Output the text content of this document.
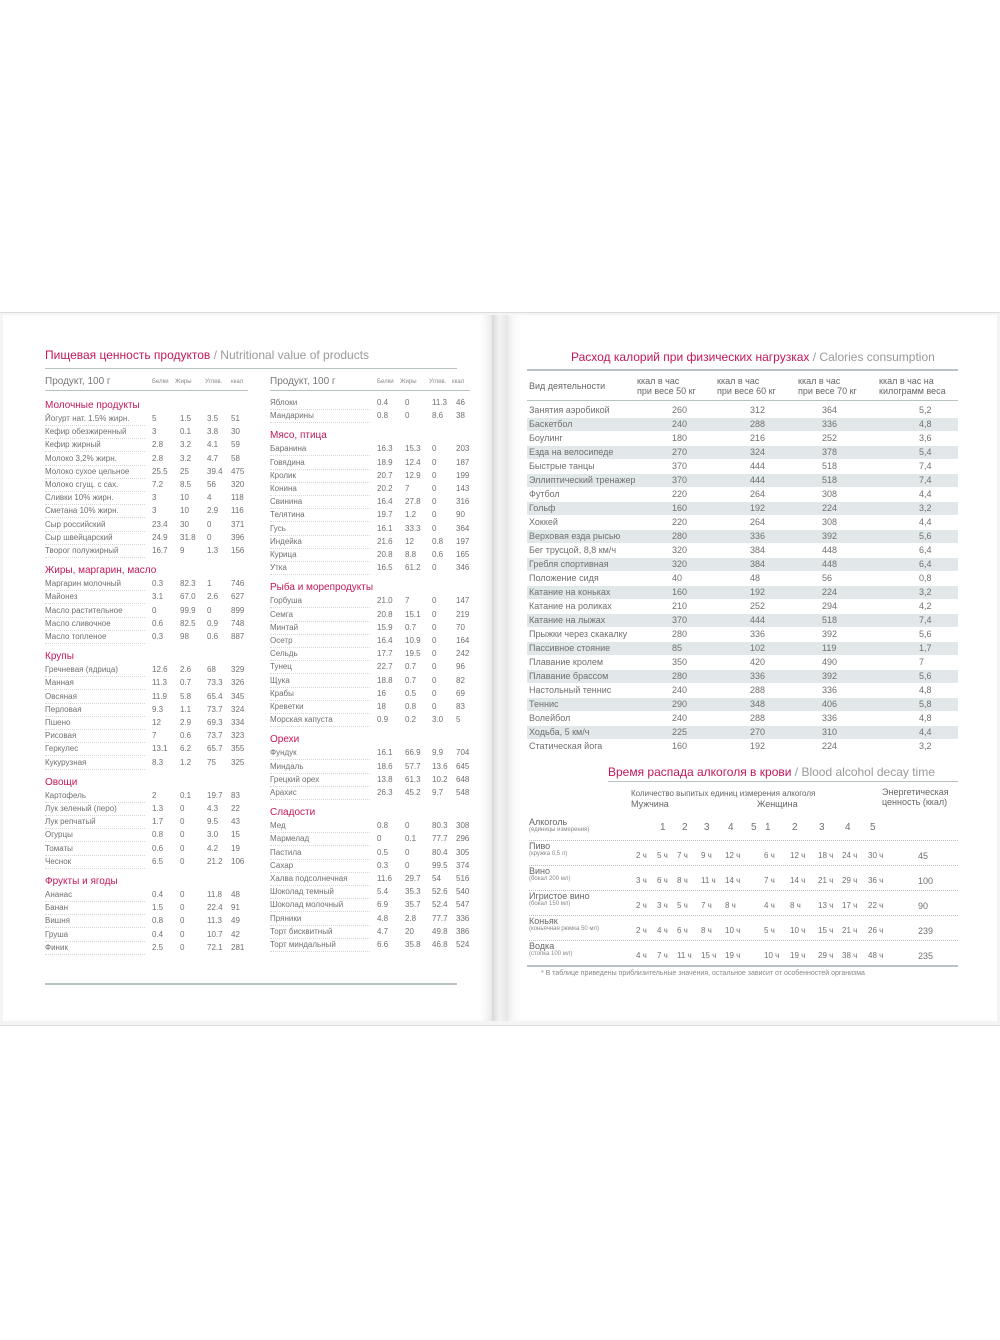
Пищевая ценность продуктов / Nutritional value of products
Продукт, 100 г	Белки Жиры Углев. ккал
Молочные продукты
Йогурт нат. 1.5% жирн.	5	1.5 3.5 51
Кефир обезжиренный	3	0.1 3.8 30
Кефир жирный	2.8 3.2 4.1 59
Молоко 3,2% жирн.	2.8 3.2 4.7 58
Молоко сухое цельное	25.5 25 39.4 475
Молоко сгущ. с сах.	7.2 8.5 56 320
Сливки 10% жирн.	3	10 4 118
Сметана 10% жирн.	3	10 2.9 116
Сыр российский	23.4 30 0 371
Сыр швейцарский	24.9 31.8 0 396
Творог полужирный	16.7 9	1.3 156
Жиры, маргарин, масло
Маргарин молочный	0.3 82.3 1 746
Майонез	3.1 67.0 2.6 627
Масло растительное	0	99.9 0 899
Масло сливочное	0.6 82.5 0.9 748
Масло топленое	0.3 98 0.6 887
Крупы
Гречневая (ядрица)	12.6 2.6 68 329
Манная	11.3 0.7 73.3 326
Овсяная	11.9 5.8 65.4 345
Перловая	9.3 1.1 73.7 324
Пшено	12 2.9 69.3 334
Рисовая	7	0.6 73.7 323
Геркулес	13.1 6.2 65.7 355
Кукурузная	8.3 1.2 75 325
Овощи
Картофель	2	0.1 19.7 83
Лук зеленый (перо)	1.3 0	4.3 22
Лук репчатый	1.7 0	9.5 43
Огурцы	0.8 0	3.0 15
Томаты	0.6 0	4.2 19
Чеснок	6.5 0	21.2 106
Фрукты и ягоды
Ананас	0.4 0	11.8 48
Банан	1.5 0	22.4 91
Вишня	0.8 0	11.3 49
Груша	0.4 0	10.7 42
Финик	2.5 0	72.1 281
Продукт, 100 г	Белки Жиры Углев. ккал
Яблоки	0.4 0	11.3 46
Мандарины	0.8 0	8.6 38
Мясо, птица
Баранина	16.3 15.3 0 203
Говядина	18.9 12.4 0 187
Кролик	20.7 12.9 0 199
Конина	20.2 7	0 143
Свинина	16.4 27.8 0 316
Телятина	19.7 1.2 0 90
Гусь	16.1 33.3 0 364
Индейка	21.6 12 0.8 197
Курица	20.8 8.8 0.6 165
Утка	16.5 61.2 0 346
Рыба и морепродукты
Горбуша	21.0 7	0 147
Семга	20.8 15.1 0 219
Минтай	15.9 0.7 0 70
Осетр	16.4 10.9 0 164
Сельдь	17.7 19.5 0 242
Тунец	22.7 0.7 0 96
Щука	18.8 0.7 0 82
Крабы	16 0.5 0 69
Креветки	18 0.8 0 83
Морская капуста	0.9 0.2 3.0 5
Орехи
Фундук	16.1 66.9 9.9 704
Миндаль	18.6 57.7 13.6 645
Грецкий орех	13.8 61.3 10.2 648
Арахис	26.3 45.2 9.7 548
Сладости
Мед	0.8 0	80.3 308
Мармелад	0	0.1 77.7 296
Пастила	0.5 0	80.4 305
Сахар	0.3 0	99.5 374
Халва подсолнечная	11.6 29.7 54 516
Шоколад темный	5.4 35.3 52.6 540
Шоколад молочный	6.9 35.7 52.4 547
Пряники	4.8 2.8 77.7 336
Торт бисквитный	4.7 20 49.8 386
Торт миндальный	6.6 35.8 46.8 524
Расход калорий при физических нагрузках / Calories consumption
Вид деятельности	ккал в час
при весе 50 кг
ккал в час
при весе 60 кг
ккал в час
при весе 70 кг
ккал в час на
килограмм веса
Занятия аэробикой	260	312	364	5,2
Баскетбол	240	288	336	4,8
Боулинг	180	216	252	3,6
Езда на велосипеде	270	324	378	5,4
Быстрые танцы	370	444	518	7,4
Эллиптический тренажер	370	444	518	7,4
Футбол	220	264	308	4,4
Гольф	160	192	224	3,2
Хоккей	220	264	308	4,4
Верховая езда рысью	280	336	392	5,6
Бег трусцой, 8,8 км/ч	320	384	448	6,4
Гребля спортивная	320	384	448	6,4
Положение сидя	40	48	56	0,8
Катание на коньках	160	192	224	3,2
Катание на роликах	210	252	294	4,2
Катание на лыжах	370	444	518	7,4
Прыжки через скакалку	280	336	392	5,6
Пассивное стояние	85	102	119	1,7
Плавание кролем	350	420	490	7
Плавание брассом	280	336	392	5,6
Настольный теннис	240	288	336	4,8
Теннис	290	348	406	5,8
Волейбол	240	288	336	4,8
Ходьба, 5 км/ч	225	270	310	4,4
Статическая йога	160	192	224	3,2
Время распада алкоголя в крови / Blood alcohol decay time
Количество выпитых единиц измерения алкоголя
Мужчина	Женщина
Энергетическая
ценность (ккал)
Алкоголь
(единицы измерения)	1 2 3 4 5 1 2 3 4 5
Пиво
(кружка 0,5 л)	2 ч 5 ч 7 ч 9 ч 12 ч	6 ч 12 ч 18 ч 24 ч 30 ч	45
Вино
(бокал 200 мл)	3 ч 6 ч 8 ч 11 ч 14 ч	7 ч 14 ч 21 ч 29 ч 36 ч	100
Игристое вино
(бокал 150 мл)	2 ч 3 ч 5 ч 7 ч 8 ч	4 ч 8 ч 13 ч 17 ч 22 ч	90
Коньяк
(коньячная рюмка 50 мл)	2 ч 4 ч 6 ч 8 ч 10 ч	5 ч 10 ч 15 ч 21 ч 26 ч	239
Водка
(стопка 100 мл)	4 ч 7 ч 11 ч 15 ч 19 ч	10 ч 19 ч 29 ч 38 ч 48 ч	235
* В таблице приведены приблизительные значения, остальное зависит от особенностей организма
